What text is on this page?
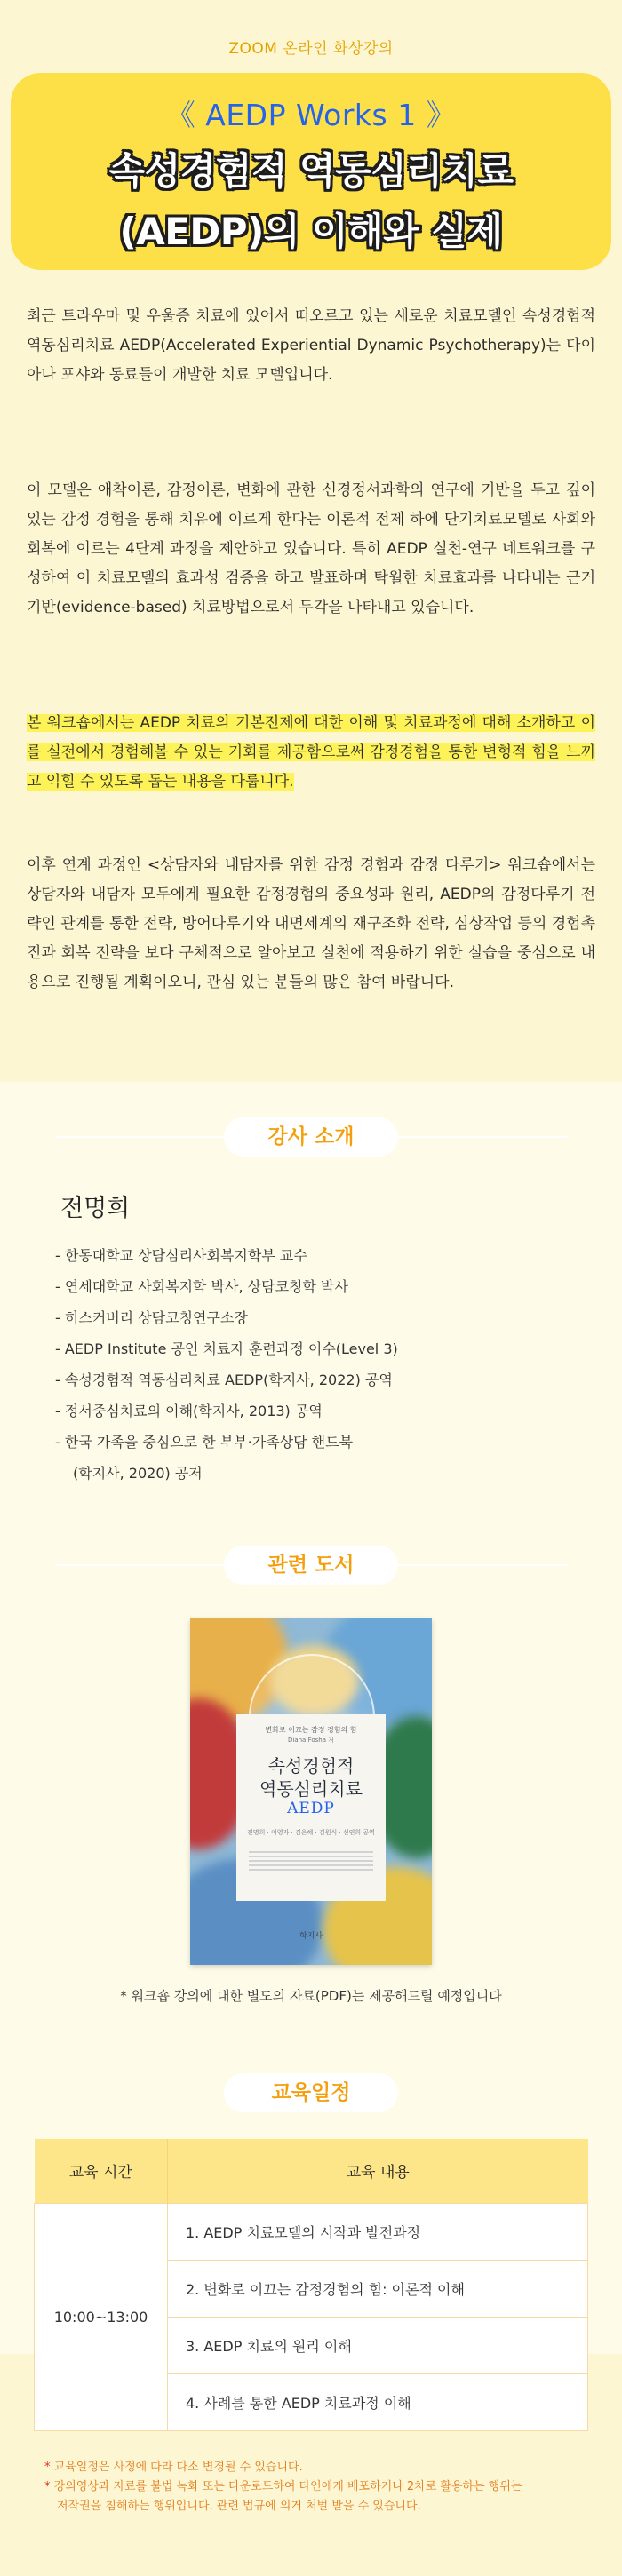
ZOOM 온라인 화상강의
《 AEDP Works 1 》
속성경험적 역동심리치료
(AEDP)의 이해와 실제

최근 트라우마 및 우울증 치료에 있어서 떠오르고 있는 새로운 치료모델인 속성경험적 역동심리치료 AEDP(Accelerated Experiential Dynamic Psychotherapy)는 다이아나 포샤와 동료들이 개발한 치료 모델입니다.

이 모델은 애착이론, 감정이론, 변화에 관한 신경정서과학의 연구에 기반을 두고 깊이 있는 감정 경험을 통해 치유에 이르게 한다는 이론적 전제 하에 단기치료모델로 사회와 회복에 이르는 4단계 과정을 제안하고 있습니다. 특히 AEDP 실천-연구 네트워크를 구성하여 이 치료모델의 효과성 검증을 하고 발표하며 탁월한 치료효과를 나타내는 근거 기반(evidence-based) 치료방법으로서 두각을 나타내고 있습니다.

본 워크숍에서는 AEDP 치료의 기본전제에 대한 이해 및 치료과정에 대해 소개하고 이를 실전에서 경험해볼 수 있는 기회를 제공함으로써 감정경험을 통한 변형적 힘을 느끼고 익힐 수 있도록 돕는 내용을 다룹니다.

이후 연계 과정인 <상담자와 내담자를 위한 감정 경험과 감정 다루기> 워크숍에서는 상담자와 내담자 모두에게 필요한 감정경험의 중요성과 원리, AEDP의 감정다루기 전략인 관계를 통한 전략, 방어다루기와 내면세계의 재구조화 전략, 심상작업 등의 경험촉진과 회복 전략을 보다 구체적으로 알아보고 실천에 적용하기 위한 실습을 중심으로 내용으로 진행될 계획이오니, 관심 있는 분들의 많은 참여 바랍니다.

강사 소개
전명희
- 한동대학교 상담심리사회복지학부 교수
- 연세대학교 사회복지학 박사, 상담코칭학 박사
- 히스커버리 상담코칭연구소장
- AEDP Institute 공인 치료자 훈련과정 이수(Level 3)
- 속성경험적 역동심리치료 AEDP(학지사, 2022) 공역
- 정서중심치료의 이해(학지사, 2013) 공역
- 한국 가족을 중심으로 한 부부·가족상담 핸드북
(학지사, 2020) 공저
관련 도서
변화로 이끄는 감정 경험의 힘
Diana Fosha 저
속성경험적
역동심리치료
AEDP
전명희 · 이영자 · 김은혜 · 김원식 · 신연희 공역
학지사
* 워크숍 강의에 대한 별도의 자료(PDF)는 제공해드릴 예정입니다
교육일정
교육 시간	교육 내용
10:00~13:00	1. AEDP 치료모델의 시작과 발전과정
	2. 변화로 이끄는 감정경험의 힘: 이론적 이해
	3. AEDP 치료의 원리 이해
	4. 사례를 통한 AEDP 치료과정 이해
* 교육일정은 사정에 따라 다소 변경될 수 있습니다.
* 강의영상과 자료를 불법 녹화 또는 다운로드하여 타인에게 배포하거나 2차로 활용하는 행위는
저작권을 침해하는 행위입니다. 관련 법규에 의거 처벌 받을 수 있습니다.
